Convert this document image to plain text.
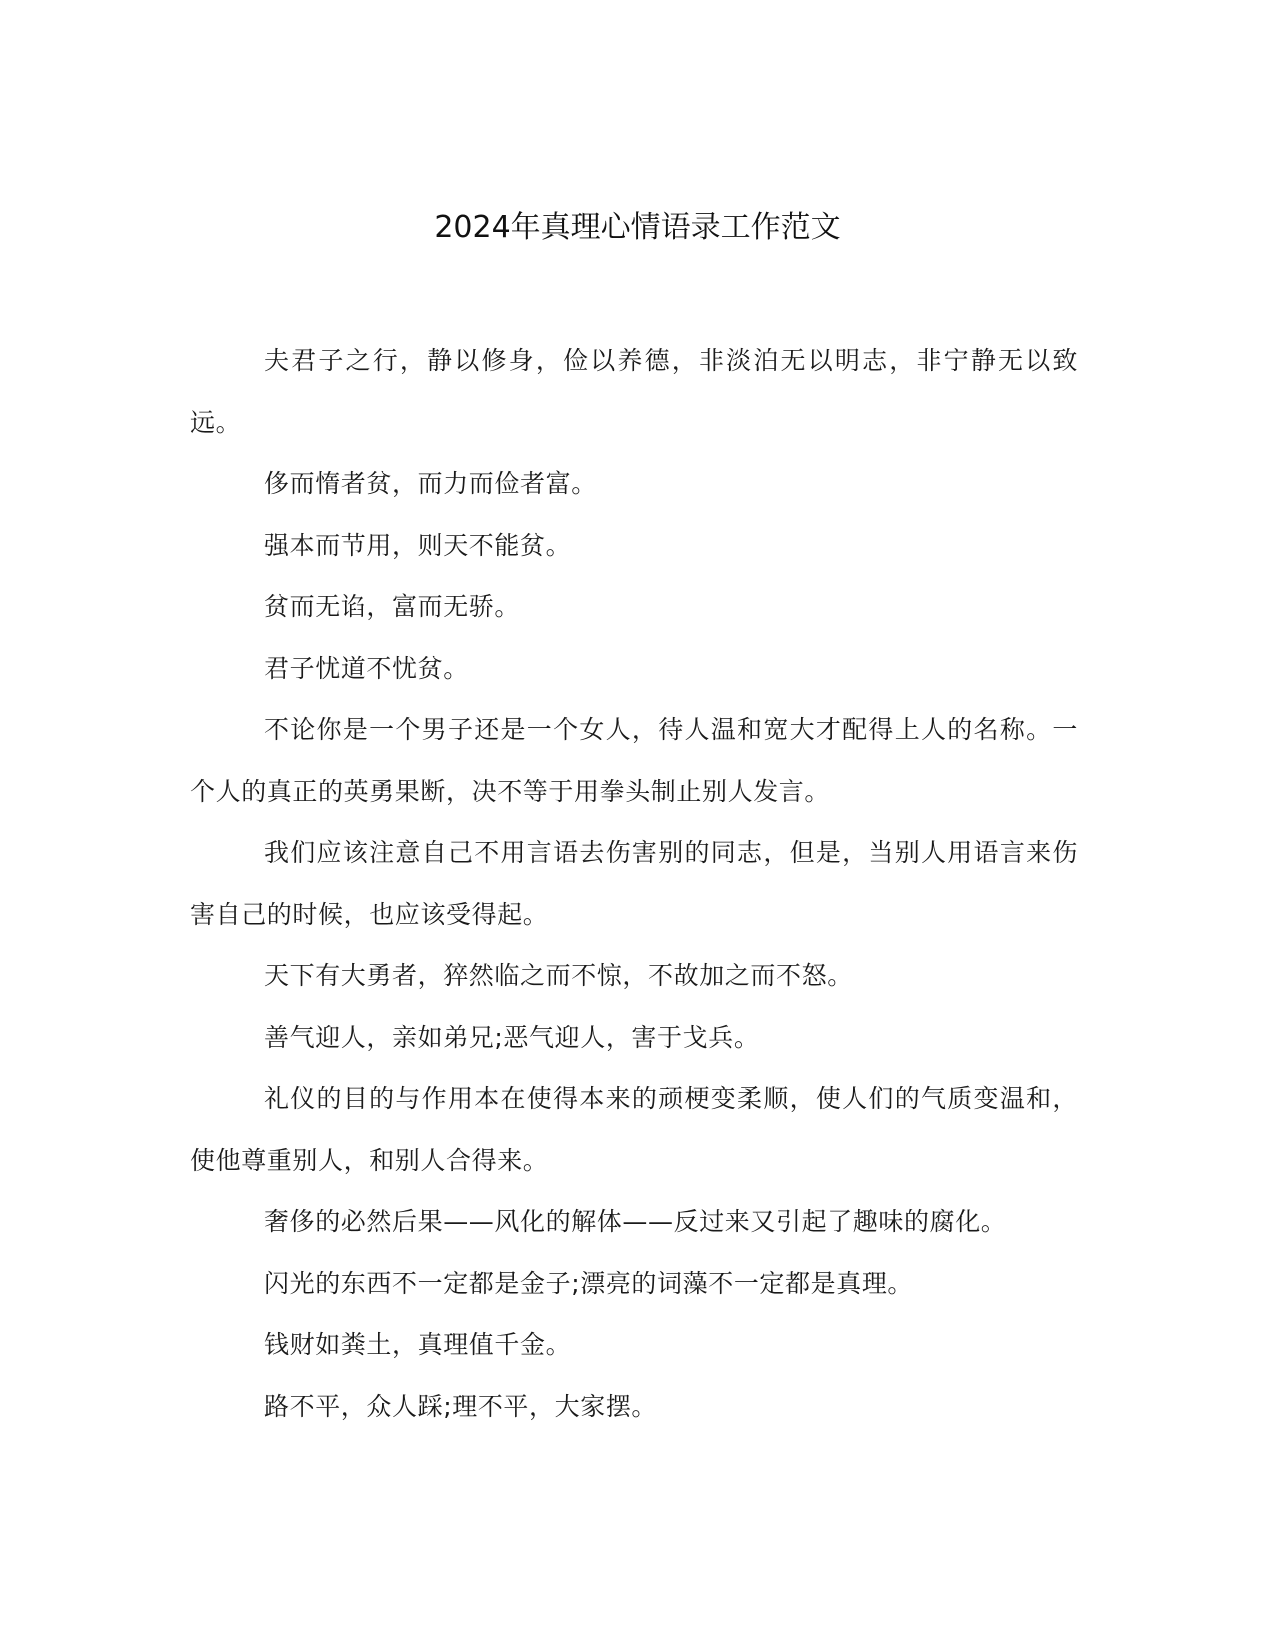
2024年真理心情语录工作范文

夫君子之行，静以修身，俭以养德，非淡泊无以明志，非宁静无以致远。

侈而惰者贫，而力而俭者富。

强本而节用，则天不能贫。

贫而无谄，富而无骄。

君子忧道不忧贫。

不论你是一个男子还是一个女人，待人温和宽大才配得上人的名称。一个人的真正的英勇果断，决不等于用拳头制止别人发言。

我们应该注意自己不用言语去伤害别的同志，但是，当别人用语言来伤害自己的时候，也应该受得起。

天下有大勇者，猝然临之而不惊，不故加之而不怒。

善气迎人，亲如弟兄;恶气迎人，害于戈兵。

礼仪的目的与作用本在使得本来的顽梗变柔顺，使人们的气质变温和，使他尊重别人，和别人合得来。

奢侈的必然后果——风化的解体——反过来又引起了趣味的腐化。

闪光的东西不一定都是金子;漂亮的词藻不一定都是真理。

钱财如粪土，真理值千金。

路不平，众人踩;理不平，大家摆。
